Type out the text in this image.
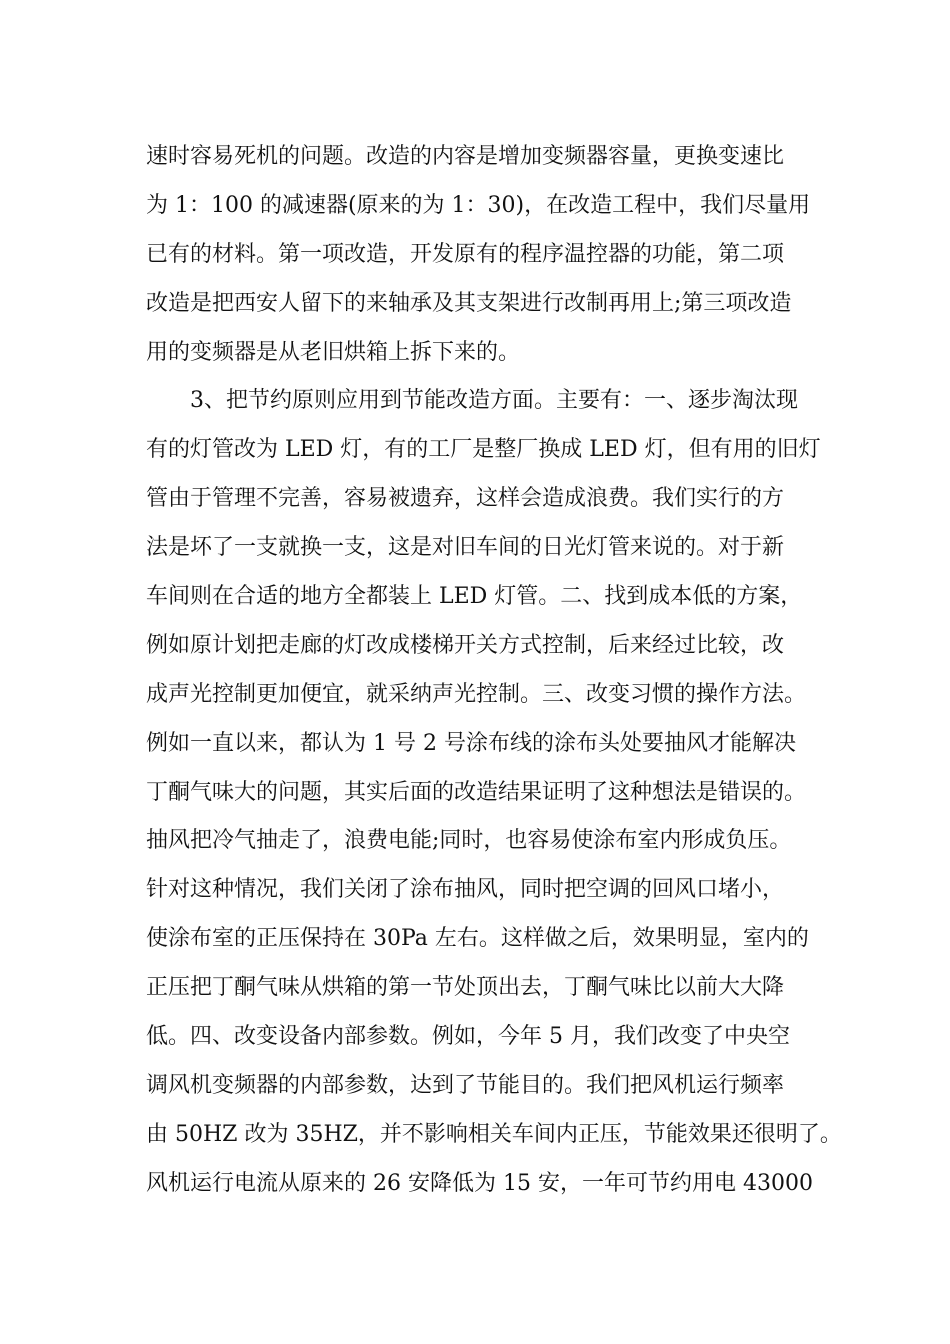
速时容易死机的问题。改造的内容是增加变频器容量，更换变速比
为 1：100 的减速器(原来的为 1：30)，在改造工程中，我们尽量用
已有的材料。第一项改造，开发原有的程序温控器的功能，第二项
改造是把西安人留下的来轴承及其支架进行改制再用上;第三项改造
用的变频器是从老旧烘箱上拆下来的。
3、把节约原则应用到节能改造方面。主要有：一、逐步淘汰现
有的灯管改为 LED 灯，有的工厂是整厂换成 LED 灯，但有用的旧灯
管由于管理不完善，容易被遗弃，这样会造成浪费。我们实行的方
法是坏了一支就换一支，这是对旧车间的日光灯管来说的。对于新
车间则在合适的地方全都装上 LED 灯管。二、找到成本低的方案，
例如原计划把走廊的灯改成楼梯开关方式控制，后来经过比较，改
成声光控制更加便宜，就采纳声光控制。三、改变习惯的操作方法。
例如一直以来，都认为 1 号 2 号涂布线的涂布头处要抽风才能解决
丁酮气味大的问题，其实后面的改造结果证明了这种想法是错误的。
抽风把冷气抽走了，浪费电能;同时，也容易使涂布室内形成负压。
针对这种情况，我们关闭了涂布抽风，同时把空调的回风口堵小，
使涂布室的正压保持在 30Pa 左右。这样做之后，效果明显，室内的
正压把丁酮气味从烘箱的第一节处顶出去，丁酮气味比以前大大降
低。四、改变设备内部参数。例如，今年 5 月，我们改变了中央空
调风机变频器的内部参数，达到了节能目的。我们把风机运行频率
由 50HZ 改为 35HZ，并不影响相关车间内正压，节能效果还很明了。
风机运行电流从原来的 26 安降低为 15 安，一年可节约用电 43000
